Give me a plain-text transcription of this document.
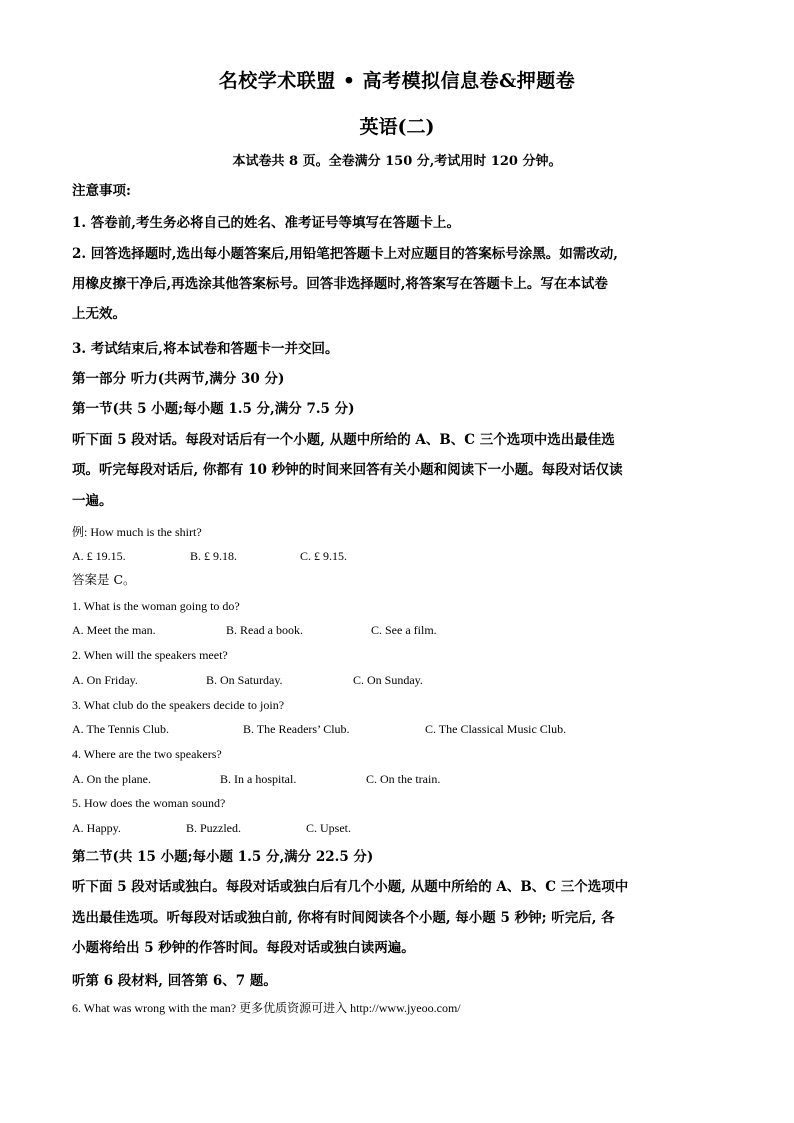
名校学术联盟 • 高考模拟信息卷&押题卷
英语(二)
本试卷共 8 页。全卷满分 150 分,考试用时 120 分钟。
注意事项:
1. 答卷前,考生务必将自己的姓名、准考证号等填写在答题卡上。
2. 回答选择题时,选出每小题答案后,用铅笔把答题卡上对应题目的答案标号涂黑。如需改动,
用橡皮擦干净后,再选涂其他答案标号。回答非选择题时,将答案写在答题卡上。写在本试卷
上无效。
3. 考试结束后,将本试卷和答题卡一并交回。
第一部分 听力(共两节,满分 30 分)
第一节(共 5 小题;每小题 1.5 分,满分 7.5 分)
听下面 5 段对话。每段对话后有一个小题, 从题中所给的 A、B、C 三个选项中选出最佳选
项。听完每段对话后, 你都有 10 秒钟的时间来回答有关小题和阅读下一小题。每段对话仅读
一遍。
例: How much is the shirt?
A. £ 19.15.	B. £ 9.18.	C. £ 9.15.
答案是 C。
1. What is the woman going to do?
A. Meet the man.	B. Read a book.	C. See a film.
2. When will the speakers meet?
A. On Friday.	B. On Saturday.	C. On Sunday.
3. What club do the speakers decide to join?
A. The Tennis Club.	B. The Readers’ Club.	C. The Classical Music Club.
4. Where are the two speakers?
A. On the plane.	B. In a hospital.	C. On the train.
5. How does the woman sound?
A. Happy.	B. Puzzled.	C. Upset.
第二节(共 15 小题;每小题 1.5 分,满分 22.5 分)
听下面 5 段对话或独白。每段对话或独白后有几个小题, 从题中所给的 A、B、C 三个选项中
选出最佳选项。听每段对话或独白前, 你将有时间阅读各个小题, 每小题 5 秒钟; 听完后, 各
小题将给出 5 秒钟的作答时间。每段对话或独白读两遍。
听第 6 段材料, 回答第 6、7 题。
6. What was wrong with the man? 更多优质资源可进入 http://www.jyeoo.com/
